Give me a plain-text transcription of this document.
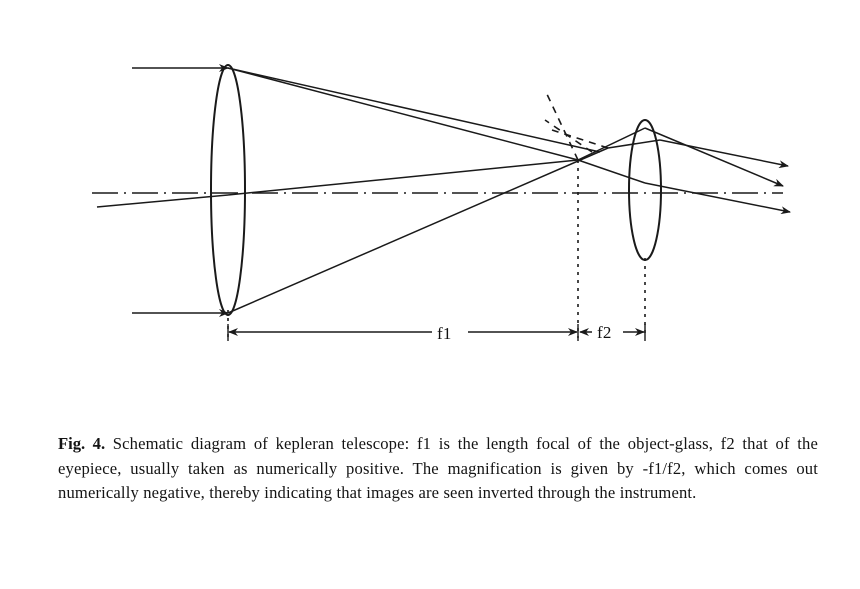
f1	f2
Fig. 4. Schematic diagram of kepleran telescope: f1 is the length focal of the object-glass, f2 that of the eyepiece, usually taken as numerically positive. The magnification is given by -f1/f2, which comes out numerically negative, thereby indicating that images are seen inverted through the instrument.
